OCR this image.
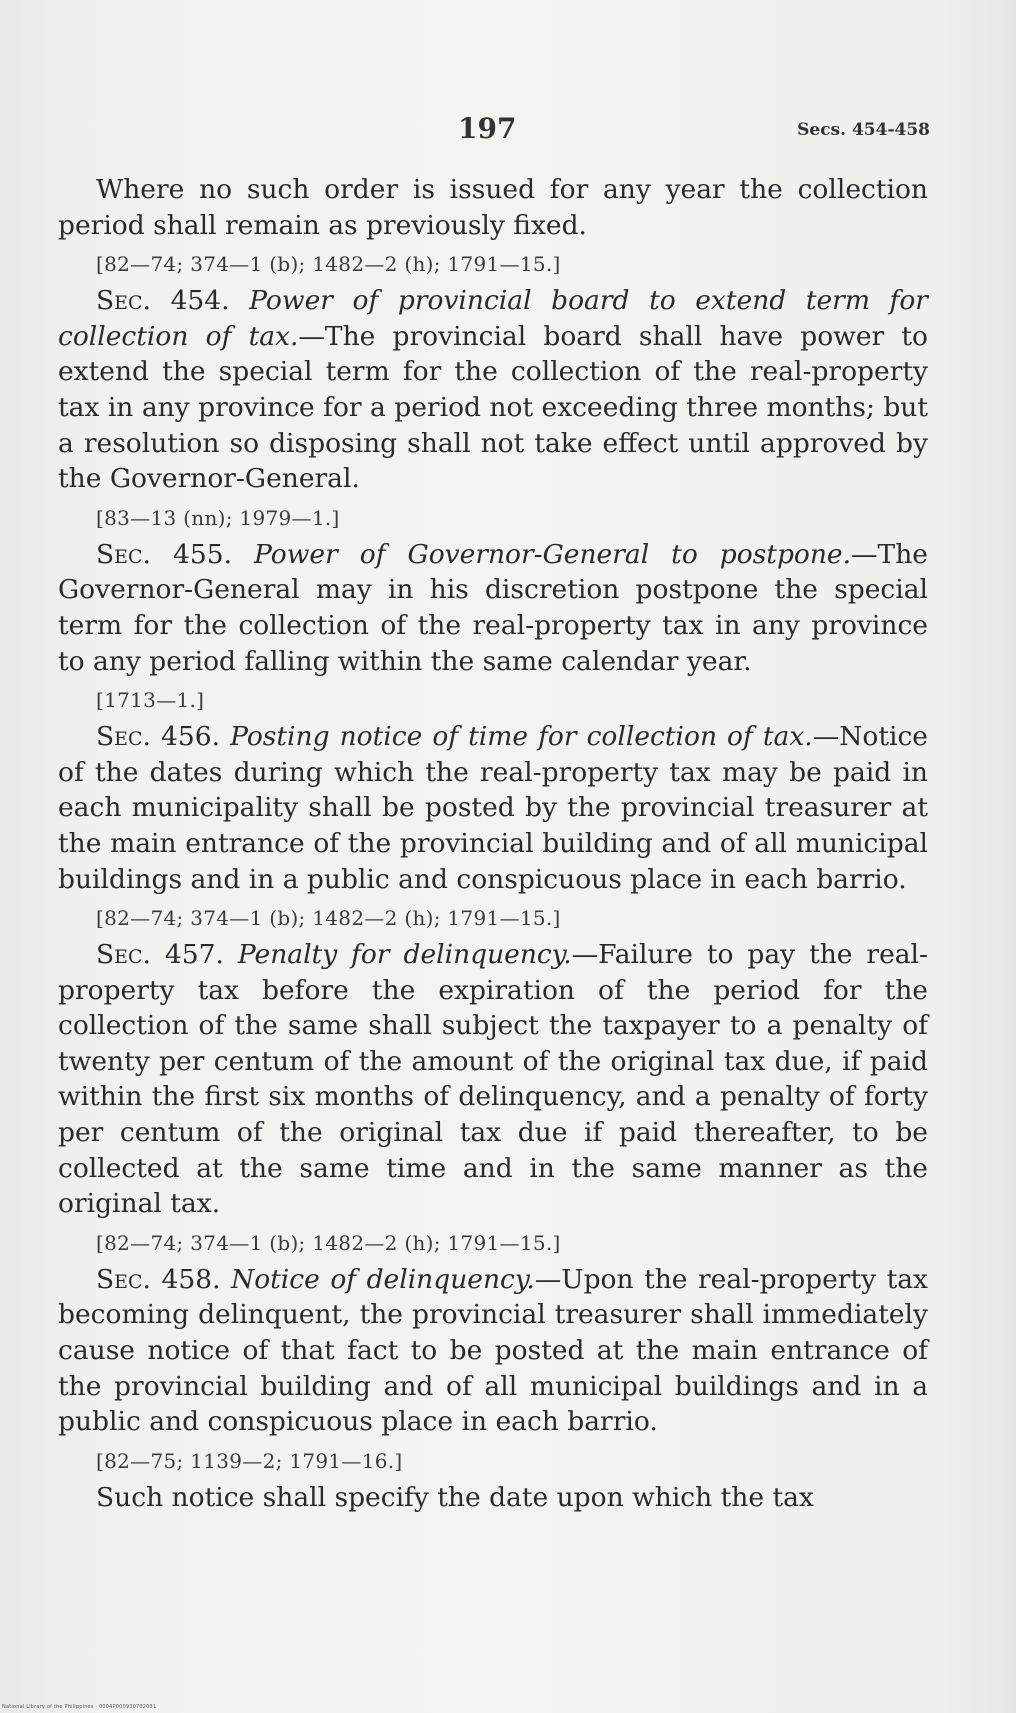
197	Secs. 454-458

Where no such order is issued for any year the collection period shall remain as previously fixed.

[82—74; 374—1 (b); 1482—2 (h); 1791—15.]

Sec. 454. Power of provincial board to extend term for collection of tax.—The provincial board shall have power to extend the special term for the collection of the real-property tax in any province for a period not exceeding three months; but a resolution so disposing shall not take effect until approved by the Governor-General.

[83—13 (nn); 1979—1.]

Sec. 455. Power of Governor-General to postpone.—The Governor-General may in his discretion postpone the special term for the collection of the real-property tax in any province to any period falling within the same calendar year.

[1713—1.]

Sec. 456. Posting notice of time for collection of tax.—Notice of the dates during which the real-property tax may be paid in each municipality shall be posted by the provincial treasurer at the main entrance of the provincial building and of all municipal buildings and in a public and conspicuous place in each barrio.

[82—74; 374—1 (b); 1482—2 (h); 1791—15.]

Sec. 457. Penalty for delinquency.—Failure to pay the real-property tax before the expiration of the period for the collection of the same shall subject the taxpayer to a penalty of twenty per centum of the amount of the original tax due, if paid within the first six months of delinquency, and a penalty of forty per centum of the original tax due if paid thereafter, to be collected at the same time and in the same manner as the original tax.

[82—74; 374—1 (b); 1482—2 (h); 1791—15.]

Sec. 458. Notice of delinquency.—Upon the real-property tax becoming delinquent, the provincial treasurer shall immediately cause notice of that fact to be posted at the main entrance of the provincial building and of all municipal buildings and in a public and conspicuous place in each barrio.

[82—75; 1139—2; 1791—16.]

Such notice shall specify the date upon which the tax

National Library of the Philippines · 0004P000930702031
